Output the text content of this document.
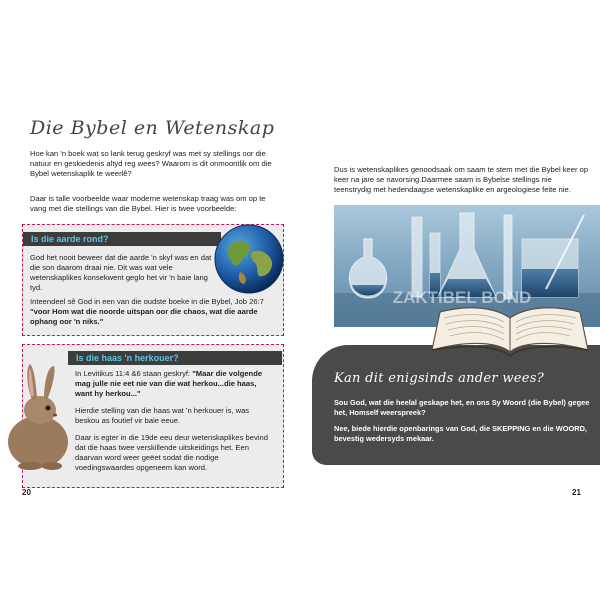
Die Bybel en Wetenskap

Hoe kan 'n boek wat so lank terug geskryf was met sy stellings oor die natuur en geskiedenis altyd reg wees? Waarom is dit onmoontlik om die Bybel wetenskaplik te weerlê?

Daar is talle voorbeelde waar moderne wetenskap traag was om op te vang met die stellings van die Bybel. Hier is twee voorbeelde:

Is die aarde rond?

God het nooit beweer dat die aarde 'n skyf was en dat die son daarom draai nie. Dit was wat vele wetenskaplikes konsekwent geglo het vir 'n baie lang tyd.

Inteendeel sê God in een van die oudste boeke in die Bybel, Job 26:7 "voor Hom wat die noorde uitspan oor die chaos, wat die aarde ophang oor 'n niks."

Is die haas 'n herkouer?

In Levitikus 11:4 &6 staan geskryf: "Maar die volgende mag julle nie eet nie van die wat herkou...die haas, want hy herkou..."

Hierdie stelling van die haas wat 'n herkouer is, was beskou as foutief vir baie eeue.

Daar is egter in die 19de eeu deur wetenskaplikes bevind dat die haas twee verskillende uitskeidings het. Een daarvan word weer geëet sodat die nodige voedingswaardes opgeneem kan word.

20

Dus is wetenskaplikes genoodsaak om saam te stem met die Bybel keer op keer na jare se navorsing.Daarmee saam is Bybelse stellings nie teenstrydig met hedendaagse wetenskaplike en argeologiese feite nie.

ZAKTIBEL BOND
Kan dit enigsinds ander wees?

Sou God, wat die heelal geskape het, en ons Sy Woord (die Bybel) gegee het, Homself weerspreek?

Nee, biede hierdie openbarings van God, die SKEPPING en die WOORD, bevestig wedersyds mekaar.

21
